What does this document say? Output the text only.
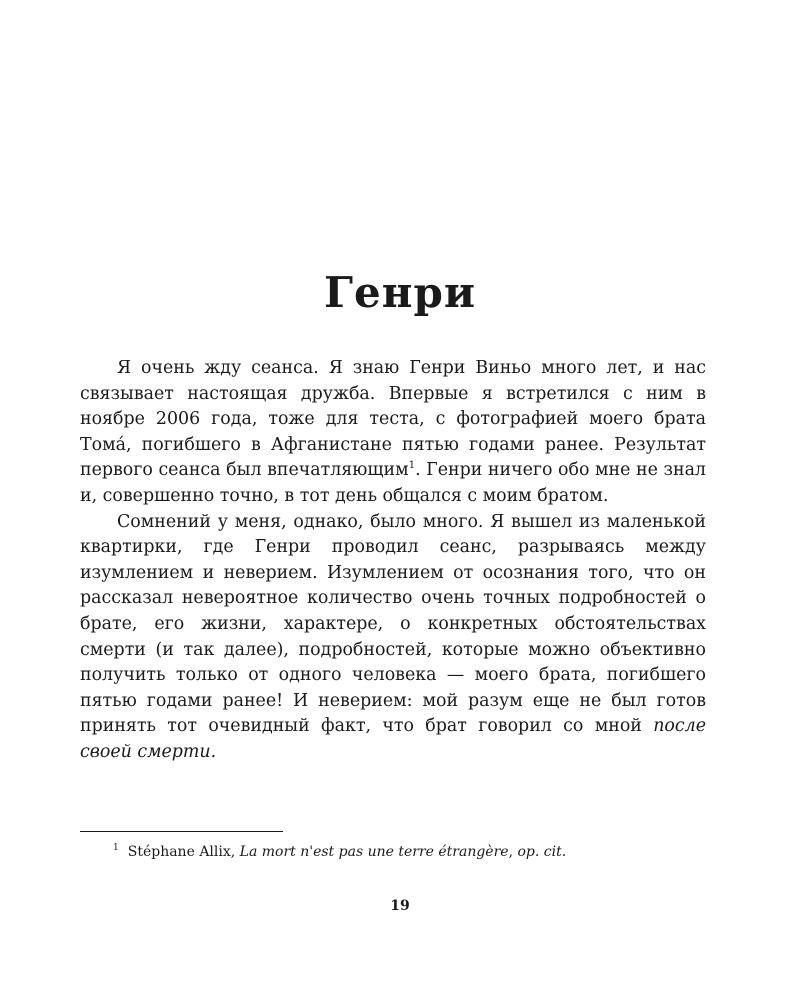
Генри

Я очень жду сеанса. Я знаю Генри Виньо много лет, и нас связывает настоящая дружба. Впервые я встретился с ним в ноябре 2006 года, тоже для теста, с фотографией моего брата Томá, погибшего в Афганистане пятью годами ранее. Результат первого сеанса был впечатляющим$^1$. Генри ничего обо мне не знал и, совершенно точно, в тот день общался с моим братом.

Сомнений у меня, однако, было много. Я вышел из маленькой квартирки, где Генри проводил сеанс, разрываясь между изумлением и неверием. Изумлением от осознания того, что он рассказал невероятное количество очень точных подробностей о брате, его жизни, характере, о конкретных обстоятельствах смерти (и так далее), подробностей, которые можно объективно получить только от одного человека — моего брата, погибшего пятью годами ранее! И неверием: мой разум еще не был готов принять тот очевидный факт, что брат говорил со мной после своей смерти.

$^1$ Stéphane Allix, La mort n'est pas une terre étrangère, op. cit.
19
